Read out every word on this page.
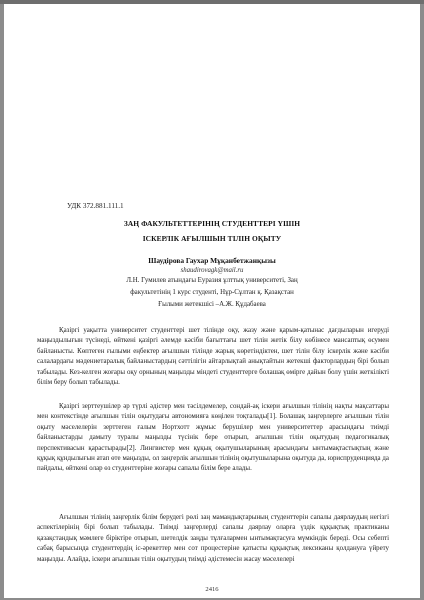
УДК 372.881.111.1
ЗАҢ ФАКУЛЬТЕТТЕРІНІҢ СТУДЕНТТЕРІ ҮШІН
ІСКЕРЛІК АҒЫЛШЫН ТІЛІН ОҚЫТУ
Шаудірова Гаухар Мұқанбетжанқызы
shaudirovagk@mail.ru
Л.Н. Гумилев атындағы Еуразия ұлттық университеті, Заң
факультетінің 1 курс студенті, Нұр-Сұлтан қ. Қазақстан
Ғылыми жетекшісі –А.Ж. Құдабаева

Қазіргі уақытта университет студенттері шет тілінде оқу, жазу және қарым-қатынас дағдыларын игеруді маңыздылығын түсінеді, өйткені қазіргі әлемде кәсіби бағыттағы шет тілін жетік білу көбінесе мансаптық өсумен байланысты. Көптеген ғылыми еңбектер ағылшын тілінде жарық көретіндіктен, шет тілін білу іскерлік және кәсіби салалардағы мәдениетаралық байланыстардың сәттілігін айтарлықтай анықтайтын жетекші факторлардың бірі болып табылады. Кез-келген жоғары оқу орнының маңызды міндеті студенттерге болашақ өмірге дайын болу үшін жеткілікті білім беру болып табылады.

Қазіргі зерттеушілер әр түрлі әдістер мен тәсілдемелер, сондай-ақ іскери ағылшын тілінің нақты мақсаттары мен контекстінде ағылшын тілін оқытудағы автономияға көңілен тоқталады[1]. Болашақ заңгерлерге ағылшын тілін оқыту мәселелерін зерттеген ғалым Нортхотт жұмыс берушілер мен университеттер арасындағы тиімді байланыстарды дамыту туралы маңызды түсінік бере отырып, ағылшын тілін оқытудың педагогикалық перспективасын қарастырады[2]. Лингвистер мен құқық оқытушыларының арасындағы ынтымақтастықтың және құқық құндылығын атап өте маңызды, ол заңгерлік ағылшын тілінің оқытушыларына оқытуда да, юриспруденцияда да пайдалы, өйткені олар өз студенттеріне жоғары сапалы білім бере алады.

Ағылшын тілінің заңгерлік білім берудегі рөлі заң мамандықтарының студенттерін сапалы даярлаудың негізгі аспектілерінің бірі болып табылады. Тиімді заңгерлерді сапалы даярлау оларға үздік құқықтық практиканы қазақстандық мәмлеге біріктіре отырып, шетелдік заңды тұлғалармен ынтымақтасуға мүмкіндік береді. Осы себепті сабақ барысында студенттердің іс-әрекеттер мен сот процестеріне қатысты құқықтық лексиканы қолдануға үйрету маңызды. Алайда, іскери ағылшын тілін оқытудың тиімді әдістемесін жасау мәселелері

2416
